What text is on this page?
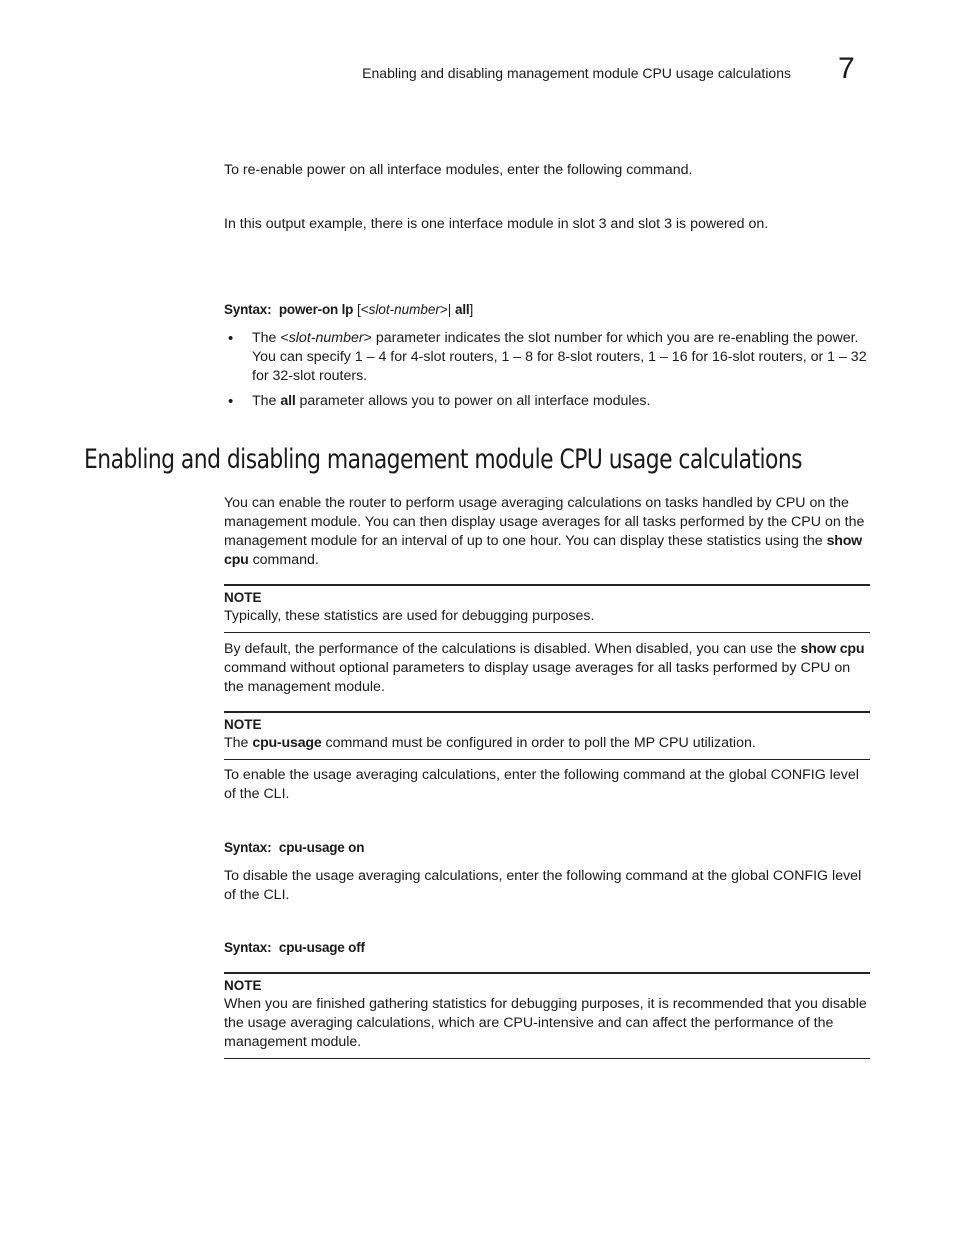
Enabling and disabling management module CPU usage calculations 7
To re-enable power on all interface modules, enter the following command.
In this output example, there is one interface module in slot 3 and slot 3 is powered on.
Syntax: power-on lp [<slot-number>| all]
• The <slot-number> parameter indicates the slot number for which you are re-enabling the power. You can specify 1 – 4 for 4-slot routers, 1 – 8 for 8-slot routers, 1 – 16 for 16-slot routers, or 1 – 32 for 32-slot routers.
• The all parameter allows you to power on all interface modules.
Enabling and disabling management module CPU usage calculations
You can enable the router to perform usage averaging calculations on tasks handled by CPU on the management module. You can then display usage averages for all tasks performed by the CPU on the management module for an interval of up to one hour. You can display these statistics using the show cpu command.
NOTE
Typically, these statistics are used for debugging purposes.
By default, the performance of the calculations is disabled. When disabled, you can use the show cpu command without optional parameters to display usage averages for all tasks performed by CPU on the management module.
NOTE
The cpu-usage command must be configured in order to poll the MP CPU utilization.
To enable the usage averaging calculations, enter the following command at the global CONFIG level of the CLI.
Syntax: cpu-usage on
To disable the usage averaging calculations, enter the following command at the global CONFIG level of the CLI.
Syntax: cpu-usage off
NOTE
When you are finished gathering statistics for debugging purposes, it is recommended that you disable the usage averaging calculations, which are CPU-intensive and can affect the performance of the management module.
